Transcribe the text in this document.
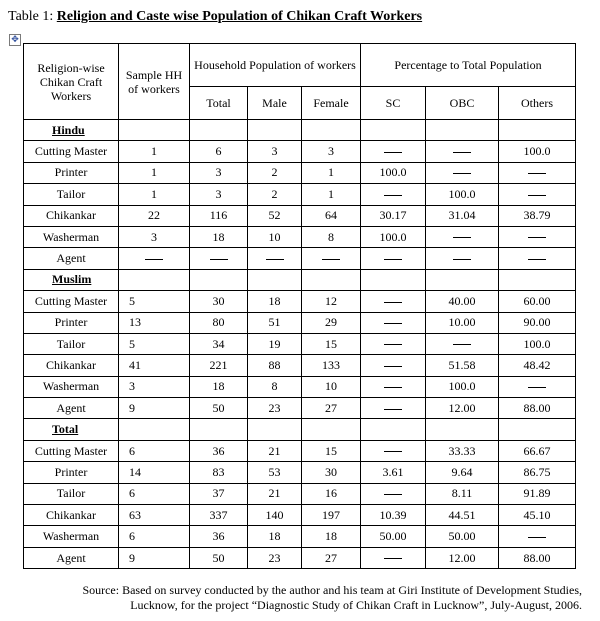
Table 1: Religion and Caste wise Population of Chikan Craft Workers
✥
Religion-wise Chikan Craft Workers	Sample HH of workers	Household Population of workers			Percentage to Total Population		
		Total	Male	Female	SC	OBC	Others
Hindu							
Cutting Master	1	6	3	3			100.0
Printer	1	3	2	1	100.0		
Tailor	1	3	2	1		100.0	
Chikankar	22	116	52	64	30.17	31.04	38.79
Washerman	3	18	10	8	100.0		
Agent							
Muslim							
Cutting Master	5	30	18	12		40.00	60.00
Printer	13	80	51	29		10.00	90.00
Tailor	5	34	19	15			100.0
Chikankar	41	221	88	133		51.58	48.42
Washerman	3	18	8	10		100.0	
Agent	9	50	23	27		12.00	88.00
Total							
Cutting Master	6	36	21	15		33.33	66.67
Printer	14	83	53	30	3.61	9.64	86.75
Tailor	6	37	21	16		8.11	91.89
Chikankar	63	337	140	197	10.39	44.51	45.10
Washerman	6	36	18	18	50.00	50.00	
Agent	9	50	23	27		12.00	88.00
Source: Based on survey conducted by the author and his team at Giri Institute of Development Studies,
Lucknow, for the project “Diagnostic Study of Chikan Craft in Lucknow”, July-August, 2006.
